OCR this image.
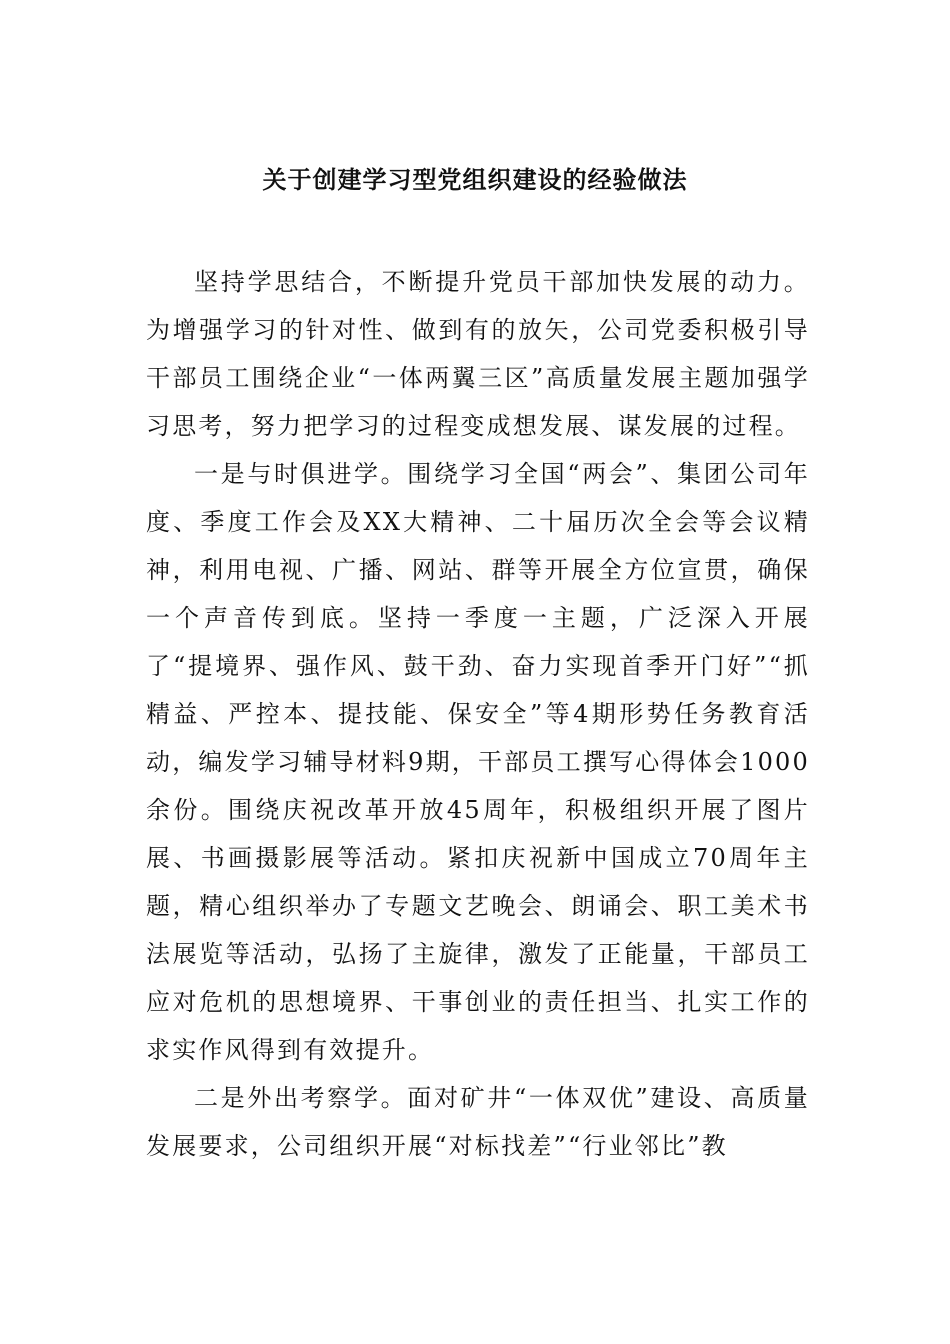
关于创建学习型党组织建设的经验做法

坚持学思结合，不断提升党员干部加快发展的动力。为增强学习的针对性、做到有的放矢，公司党委积极引导干部员工围绕企业“一体两翼三区”高质量发展主题加强学习思考，努力把学习的过程变成想发展、谋发展的过程。

一是与时俱进学。围绕学习全国“两会”、集团公司年度、季度工作会及XX大精神、二十届历次全会等会议精神，利用电视、广播、网站、群等开展全方位宣贯，确保一个声音传到底。坚持一季度一主题，广泛深入开展了“提境界、强作风、鼓干劲、奋力实现首季开门好”“抓精益、严控本、提技能、保安全”等4期形势任务教育活动，编发学习辅导材料9期，干部员工撰写心得体会1000余份。围绕庆祝改革开放45周年，积极组织开展了图片展、书画摄影展等活动。紧扣庆祝新中国成立70周年主题，精心组织举办了专题文艺晚会、朗诵会、职工美术书法展览等活动，弘扬了主旋律，激发了正能量，干部员工应对危机的思想境界、干事创业的责任担当、扎实工作的求实作风得到有效提升。

二是外出考察学。面对矿井“一体双优”建设、高质量发展要求，公司组织开展“对标找差”“行业邻比”教
